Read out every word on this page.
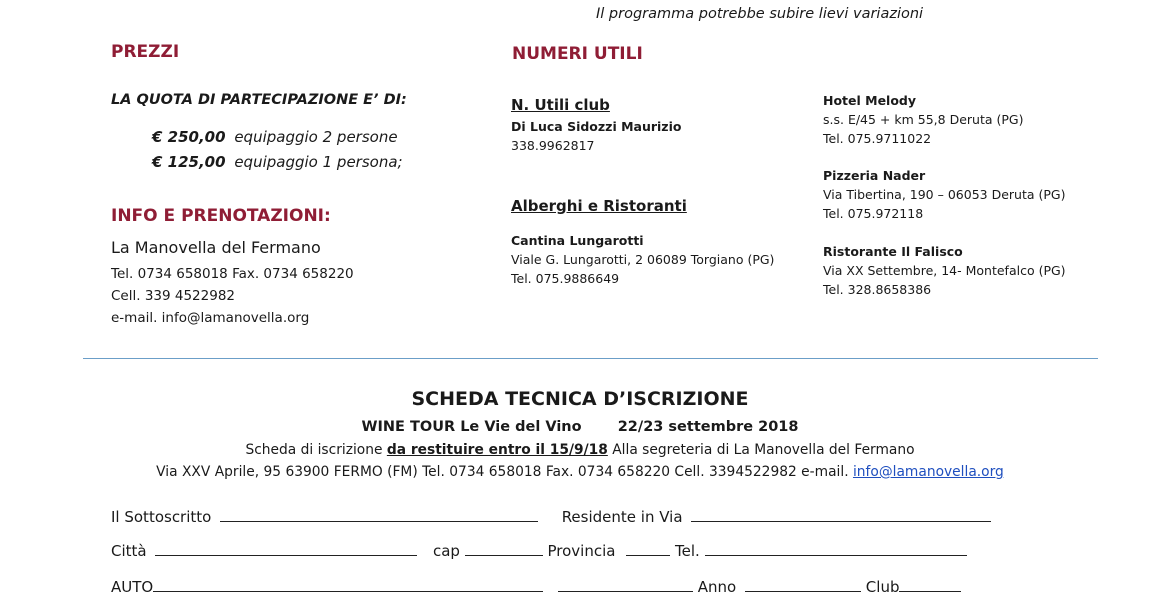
Il programma potrebbe subire lievi variazioni
PREZZI
LA QUOTA DI PARTECIPAZIONE E’ DI:
€ 250,00 equipaggio 2 persone
€ 125,00 equipaggio 1 persona;
INFO E PRENOTAZIONI:
La Manovella del Fermano
Tel. 0734 658018 Fax. 0734 658220
Cell. 339 4522982
e-mail. info@lamanovella.org
NUMERI UTILI
N. Utili club
Di Luca Sidozzi Maurizio
338.9962817
Alberghi e Ristoranti
Cantina Lungarotti
Viale G. Lungarotti, 2 06089 Torgiano (PG)
Tel. 075.9886649
Hotel Melody
s.s. E/45 + km 55,8 Deruta (PG)
Tel. 075.9711022
Pizzeria Nader
Via Tibertina, 190 – 06053 Deruta (PG)
Tel. 075.972118
Ristorante Il Falisco
Via XX Settembre, 14- Montefalco (PG)
Tel. 328.8658386
SCHEDA TECNICA D’ISCRIZIONE
WINE TOUR Le Vie del Vino 22/23 settembre 2018
Scheda di iscrizione da restituire entro il 15/9/18 Alla segreteria di La Manovella del Fermano
Via XXV Aprile, 95 63900 FERMO (FM) Tel. 0734 658018 Fax. 0734 658220 Cell. 3394522982 e-mail. info@lamanovella.org
Il Sottoscritto	Residente in Via
Città	cap	Provincia	Tel.
AUTO	Anno	Club
